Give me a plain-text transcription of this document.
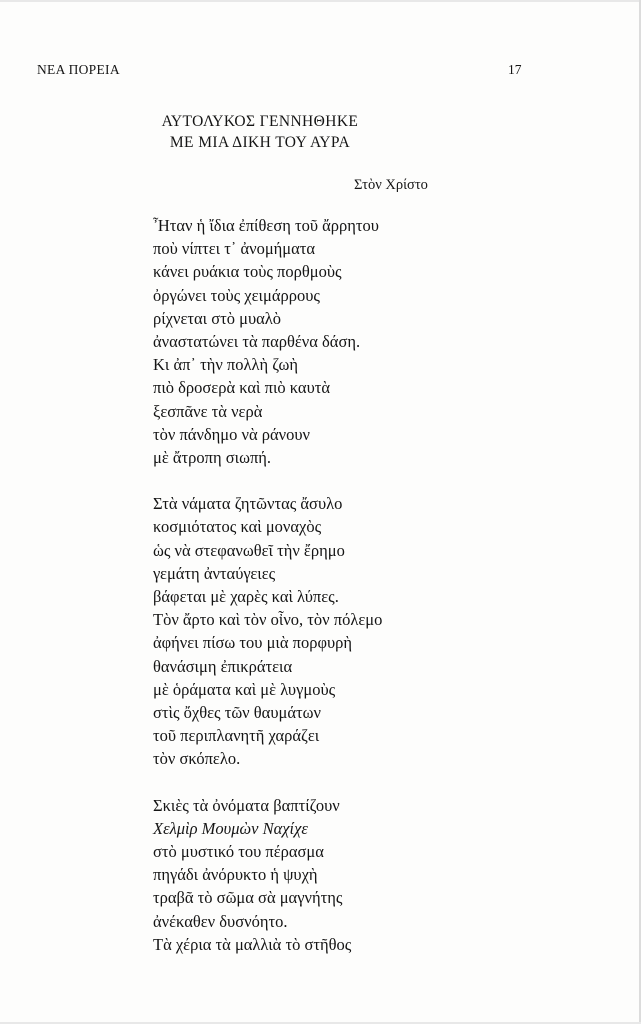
ΝΕΑ ΠΟΡΕΙΑ	17
ΑΥΤΟΛΥΚΟΣ ΓΕΝΝΗΘΗΚΕ
ΜΕ ΜΙΑ ΔΙΚΗ ΤΟΥ ΑΥΡΑ
Στὸν Χρίστο
Ἦταν ἡ ἴδια ἐπίθεση τοῦ ἄρρητου
ποὺ νίπτει τ᾽ ἀνομήματα
κάνει ρυάκια τοὺς πορθμοὺς
ὀργώνει τοὺς χειμάρρους
ρίχνεται στὸ μυαλὸ
ἀναστατώνει τὰ παρθένα δάση.
Κι ἀπ᾽ τὴν πολλὴ ζωὴ
πιὸ δροσερὰ καὶ πιὸ καυτὰ
ξεσπᾶνε τὰ νερὰ
τὸν πάνδημο νὰ ράνουν
μὲ ἄτροπη σιωπή.
Στὰ νάματα ζητῶντας ἄσυλο
κοσμιότατος καὶ μοναχὸς
ὡς νὰ στεφανωθεῖ τὴν ἔρημο
γεμάτη ἀνταύγειες
βάφεται μὲ χαρὲς καὶ λύπες.
Τὸν ἄρτο καὶ τὸν οἶνο, τὸν πόλεμο
ἀφήνει πίσω του μιὰ πορφυρὴ
θανάσιμη ἐπικράτεια
μὲ ὁράματα καὶ μὲ λυγμοὺς
στὶς ὄχθες τῶν θαυμάτων
τοῦ περιπλανητῆ χαράζει
τὸν σκόπελο.
Σκιὲς τὰ ὀνόματα βαπτίζουν
Χελμὶρ Μουμὼν Ναχίχε
στὸ μυστικό του πέρασμα
πηγάδι ἀνόρυκτο ἡ ψυχὴ
τραβᾶ τὸ σῶμα σὰ μαγνήτης
ἀνέκαθεν δυσνόητο.
Τὰ χέρια τὰ μαλλιὰ τὸ στῆθος
